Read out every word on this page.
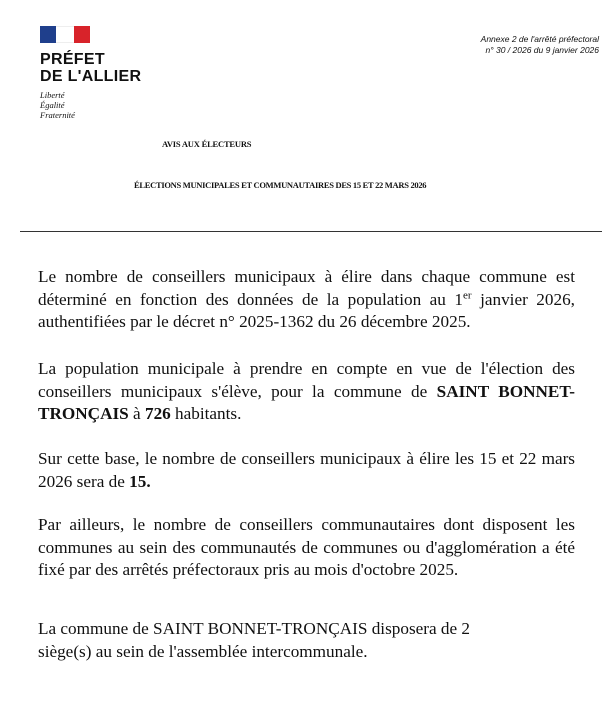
PRÉFET
DE L'ALLIER
Liberté
Égalité
Fraternité
Annexe 2 de l'arrêté préfectoral
n° 30 / 2026 du 9 janvier 2026
AVIS AUX ÉLECTEURS
ÉLECTIONS MUNICIPALES ET COMMUNAUTAIRES DES 15 ET 22 MARS 2026

Le nombre de conseillers municipaux à élire dans chaque commune est déterminé en fonction des données de la population au 1er janvier 2026, authentifiées par le décret n° 2025-1362 du 26 décembre 2025.

La population municipale à prendre en compte en vue de l'élection des conseillers municipaux s'élève, pour la commune de SAINT BONNET-TRONÇAIS à 726 habitants.

Sur cette base, le nombre de conseillers municipaux à élire les 15 et 22 mars 2026 sera de 15.

Par ailleurs, le nombre de conseillers communautaires dont disposent les communes au sein des communautés de communes ou d'agglomération a été fixé par des arrêtés préfectoraux pris au mois d'octobre 2025.

La commune de SAINT BONNET-TRONÇAIS disposera de 2

siège(s) au sein de l'assemblée intercommunale.
